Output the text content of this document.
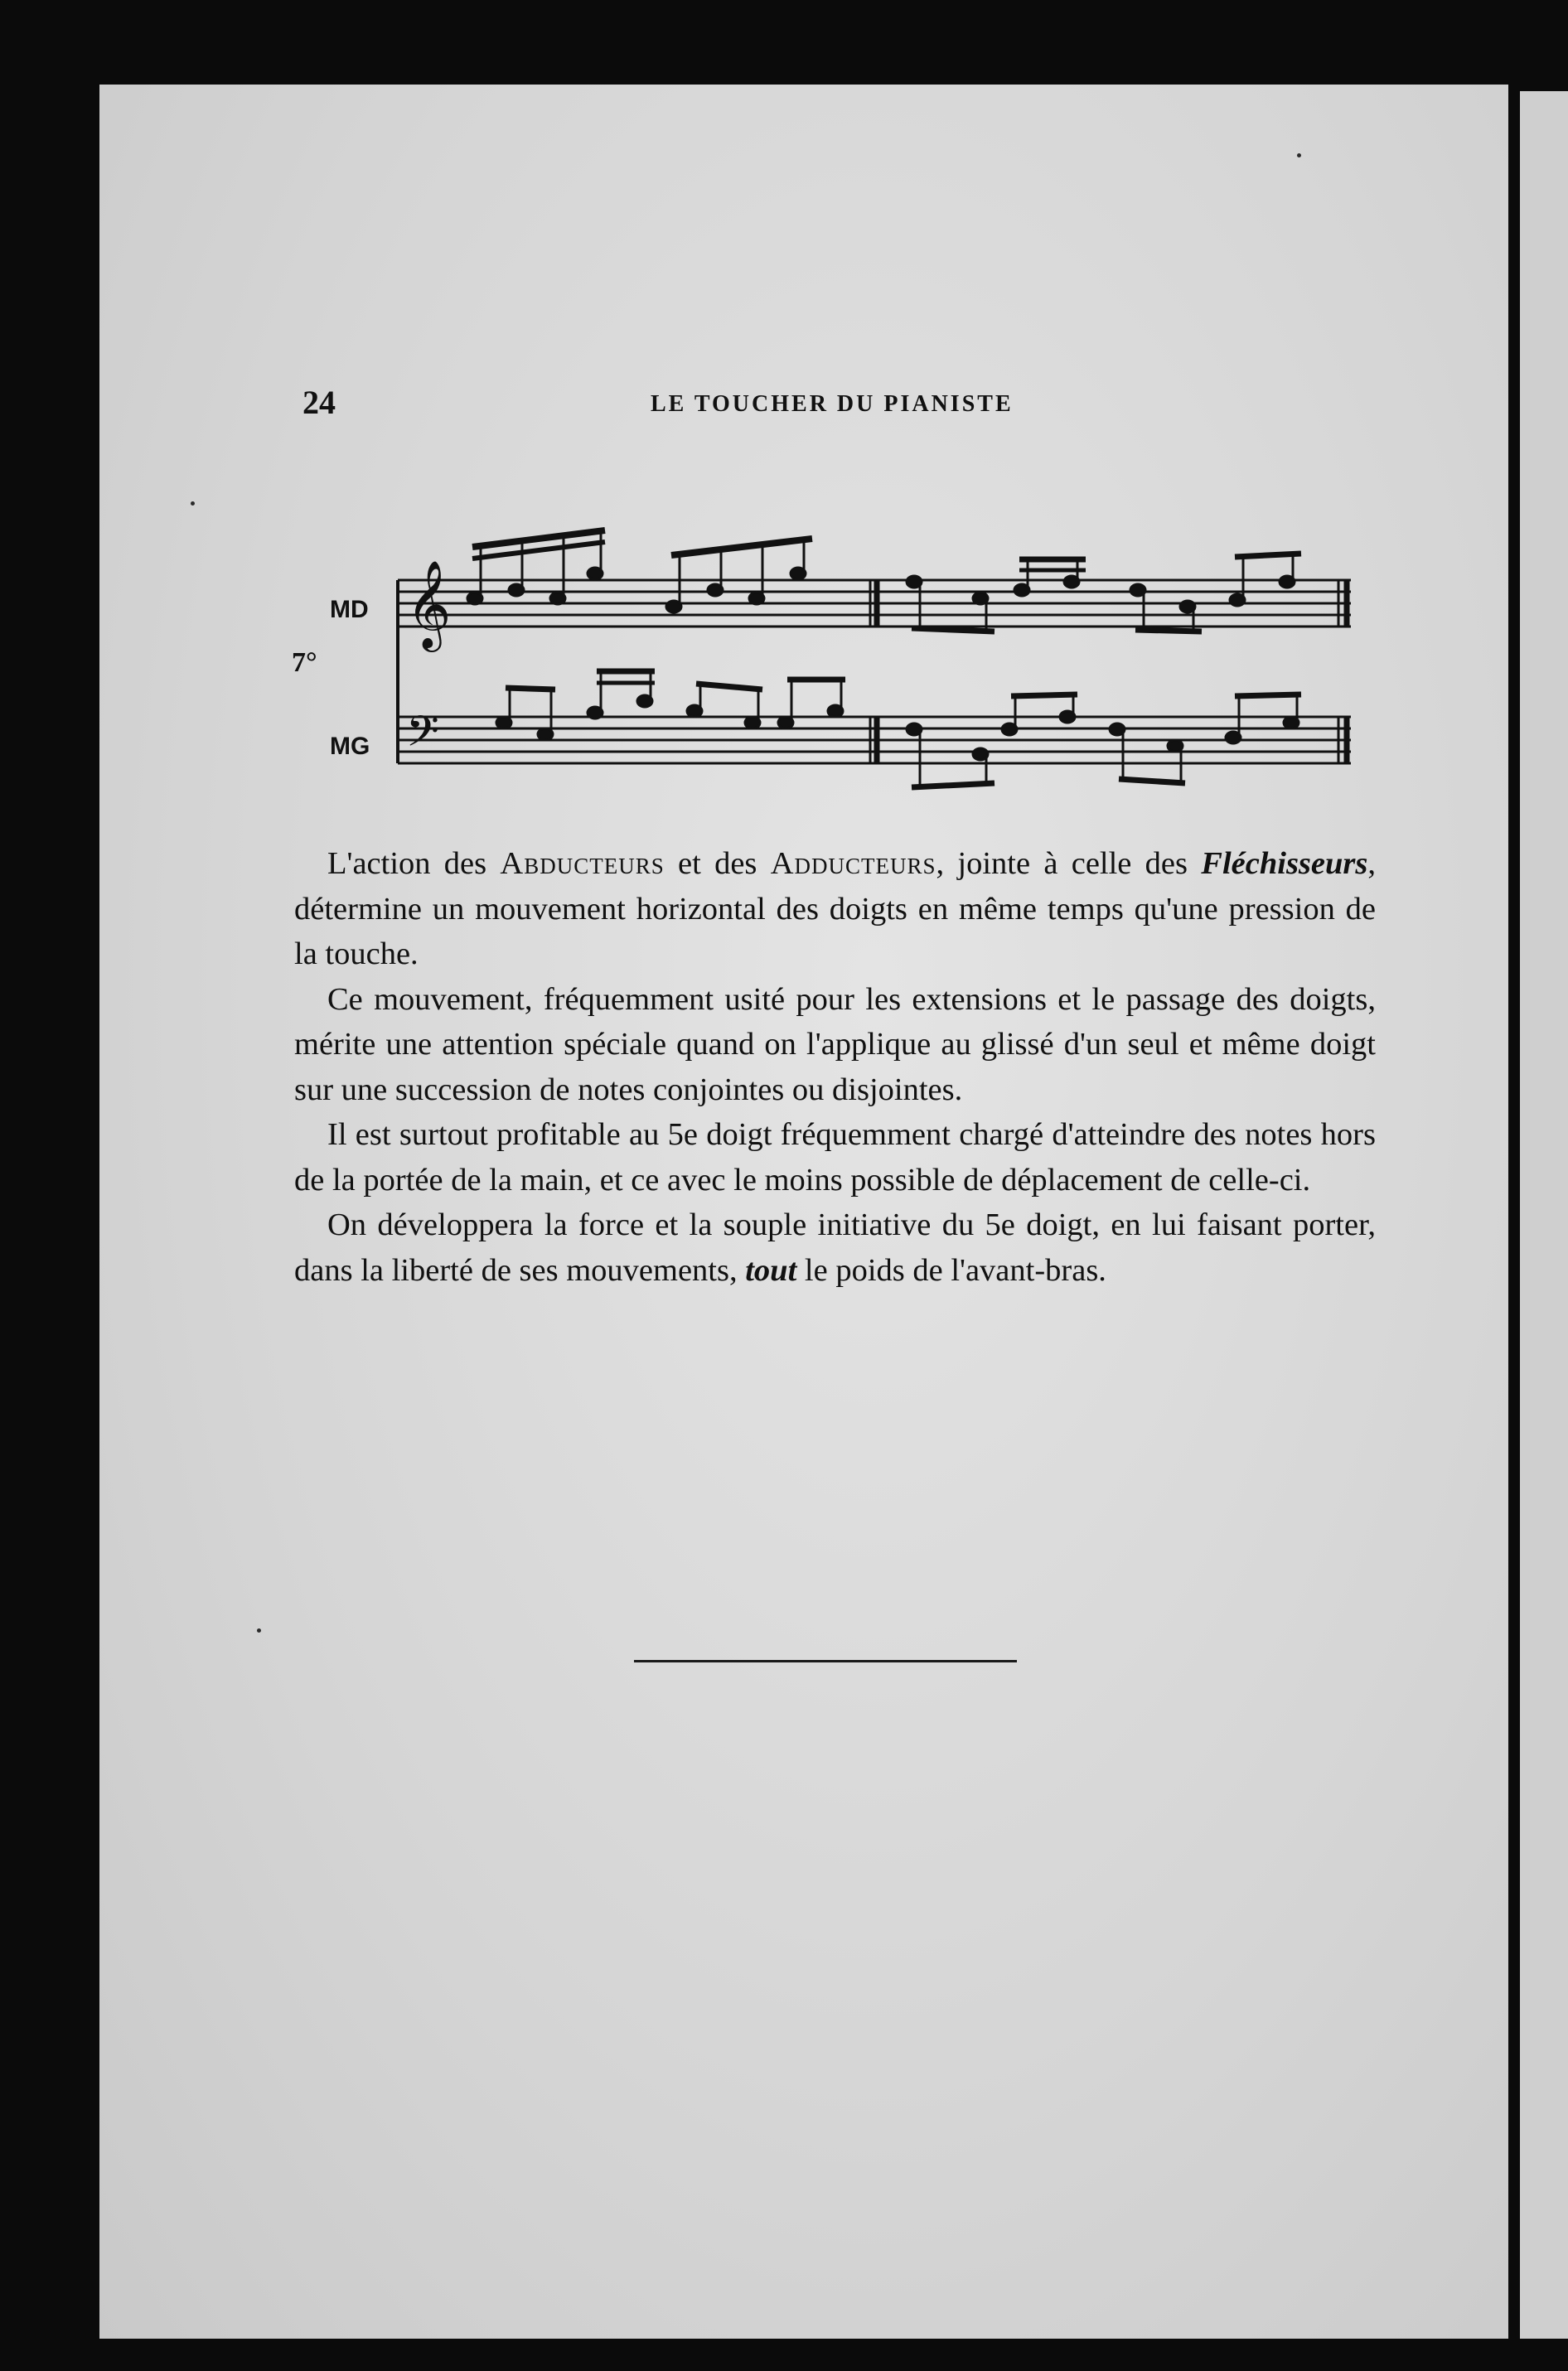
24	LE TOUCHER DU PIANISTE
𝄞
𝄢
MD
7°
MG

L'action des Abducteurs et des Adducteurs, jointe à celle des Fléchisseurs, détermine un mouvement horizontal des doigts en même temps qu'une pression de la touche.

Ce mouvement, fréquemment usité pour les extensions et le passage des doigts, mérite une attention spéciale quand on l'applique au glissé d'un seul et même doigt sur une succession de notes conjointes ou disjointes.

Il est surtout profitable au 5e doigt fréquemment chargé d'atteindre des notes hors de la portée de la main, et ce avec le moins possible de déplacement de celle-ci.

On développera la force et la souple initiative du 5e doigt, en lui faisant porter, dans la liberté de ses mouvements, tout le poids de l'avant-bras.
